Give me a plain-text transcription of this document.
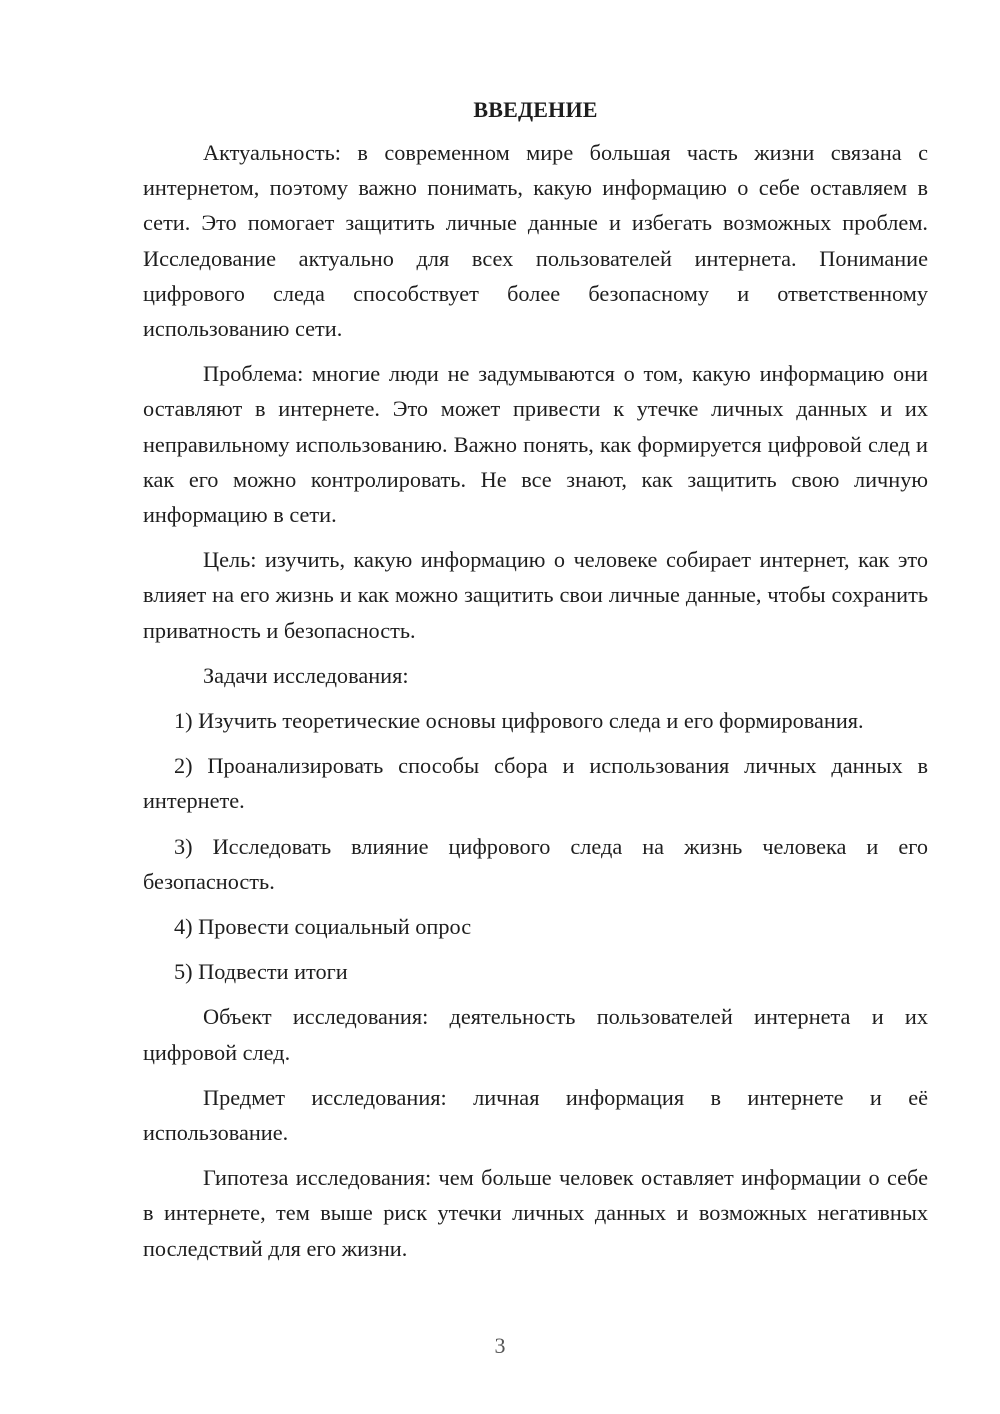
ВВЕДЕНИЕ

Актуальность: в современном мире большая часть жизни связана с интернетом, поэтому важно понимать, какую информацию о себе оставляем в сети. Это помогает защитить личные данные и избегать возможных проблем. Исследование актуально для всех пользователей интернета. Понимание цифрового следа способствует более безопасному и ответственному использованию сети.

Проблема: многие люди не задумываются о том, какую информацию они оставляют в интернете. Это может привести к утечке личных данных и их неправильному использованию. Важно понять, как формируется цифровой след и как его можно контролировать. Не все знают, как защитить свою личную информацию в сети.

Цель: изучить, какую информацию о человеке собирает интернет, как это влияет на его жизнь и как можно защитить свои личные данные, чтобы сохранить приватность и безопасность.

Задачи исследования:

1) Изучить теоретические основы цифрового следа и его формирования.

2) Проанализировать способы сбора и использования личных данных в интернете.

3) Исследовать влияние цифрового следа на жизнь человека и его безопасность.

4) Провести социальный опрос

5) Подвести итоги

Объект исследования: деятельность пользователей интернета и их цифровой след.

Предмет исследования: личная информация в интернете и её использование.

Гипотеза исследования: чем больше человек оставляет информации о себе в интернете, тем выше риск утечки личных данных и возможных негативных последствий для его жизни.

3
